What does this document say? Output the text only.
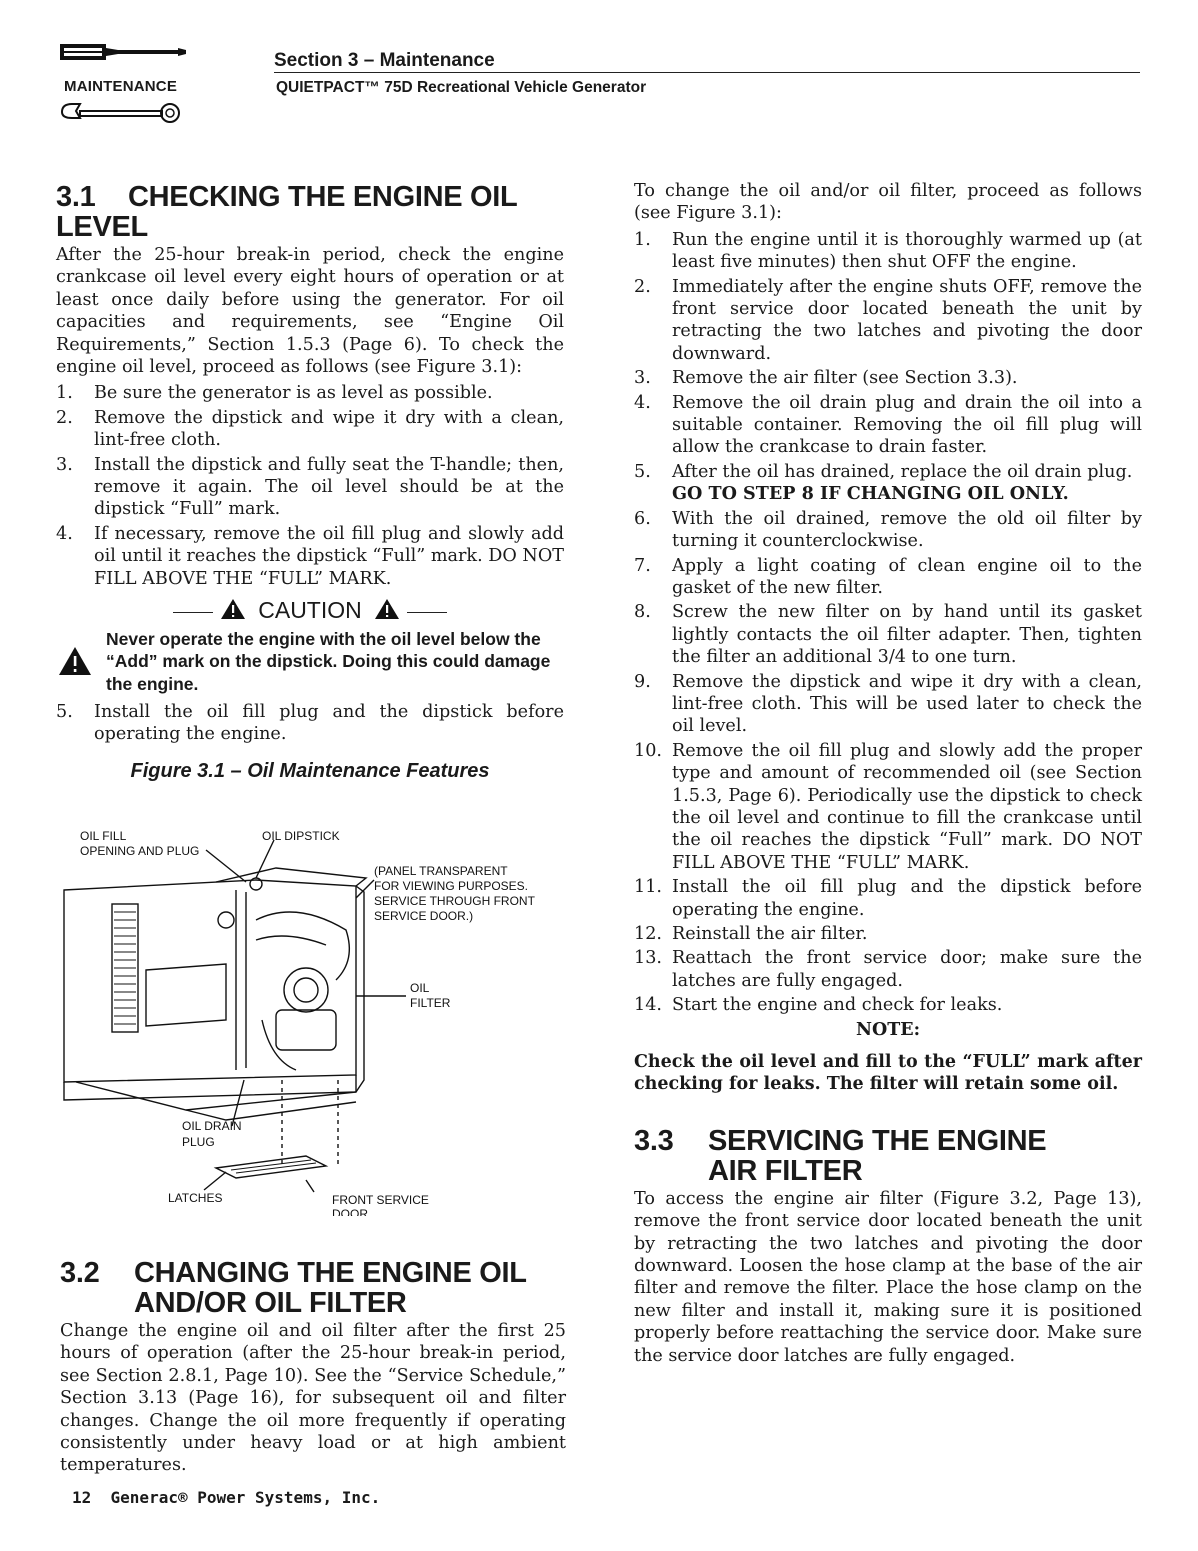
MAINTENANCE
Section 3 – Maintenance
QUIETPACT™ 75D Recreational Vehicle Generator
3.1 CHECKING THE ENGINE OIL LEVEL

After the 25-hour break-in period, check the engine crankcase oil level every eight hours of operation or at least once daily before using the generator. For oil capacities and requirements, see “Engine Oil Requirements,” Section 1.5.3 (Page 6). To check the engine oil level, proceed as follows (see Figure 3.1):

1. Be sure the generator is as level as possible.
2. Remove the dipstick and wipe it dry with a clean, lint-free cloth.
3. Install the dipstick and fully seat the T-handle; then, remove it again. The oil level should be at the dipstick “Full” mark.
4. If necessary, remove the oil fill plug and slowly add oil until it reaches the dipstick “Full” mark. DO NOT FILL ABOVE THE “FULL” MARK.
CAUTION
Never operate the engine with the oil level below the “Add” mark on the dipstick. Doing this could damage the engine.
5. Install the oil fill plug and the dipstick before operating the engine.
Figure 3.1 – Oil Maintenance Features
OIL FILL
OPENING AND PLUG
OIL DIPSTICK
(PANEL TRANSPARENT
FOR VIEWING PURPOSES.
SERVICE THROUGH FRONT
SERVICE DOOR.)
OIL
FILTER
OIL DRAIN
PLUG
LATCHES	FRONT SERVICE
DOOR
3.2 CHANGING THE ENGINE OIL
AND/OR OIL FILTER

Change the engine oil and oil filter after the first 25 hours of operation (after the 25-hour break-in period, see Section 2.8.1, Page 10). See the “Service Schedule,” Section 3.13 (Page 16), for subsequent oil and filter changes. Change the oil more frequently if operating consistently under heavy load or at high ambient temperatures.

To change the oil and/or oil filter, proceed as follows (see Figure 3.1):

1. Run the engine until it is thoroughly warmed up (at least five minutes) then shut OFF the engine.
2. Immediately after the engine shuts OFF, remove the front service door located beneath the unit by retracting the two latches and pivoting the door downward.
3. Remove the air filter (see Section 3.3).
4. Remove the oil drain plug and drain the oil into a suitable container. Removing the oil fill plug will allow the crankcase to drain faster.
5. After the oil has drained, replace the oil drain plug.
GO TO STEP 8 IF CHANGING OIL ONLY.
6. With the oil drained, remove the old oil filter by turning it counterclockwise.
7. Apply a light coating of clean engine oil to the gasket of the new filter.
8. Screw the new filter on by hand until its gasket lightly contacts the oil filter adapter. Then, tighten the filter an additional 3/4 to one turn.
9. Remove the dipstick and wipe it dry with a clean, lint-free cloth. This will be used later to check the oil level.
10. Remove the oil fill plug and slowly add the proper type and amount of recommended oil (see Section 1.5.3, Page 6). Periodically use the dipstick to check the oil level and continue to fill the crankcase until the oil reaches the dipstick “Full” mark. DO NOT FILL ABOVE THE “FULL” MARK.
11. Install the oil fill plug and the dipstick before operating the engine.
12. Reinstall the air filter.
13. Reattach the front service door; make sure the latches are fully engaged.
14. Start the engine and check for leaks.
NOTE:

Check the oil level and fill to the “FULL” mark after checking for leaks. The filter will retain some oil.

3.3 SERVICING THE ENGINE
AIR FILTER

To access the engine air filter (Figure 3.2, Page 13), remove the front service door located beneath the unit by retracting the two latches and pivoting the door downward. Loosen the hose clamp at the base of the air filter and remove the filter. Place the hose clamp on the new filter and install it, making sure it is positioned properly before reattaching the service door. Make sure the service door latches are fully engaged.

12 Generac® Power Systems, Inc.
